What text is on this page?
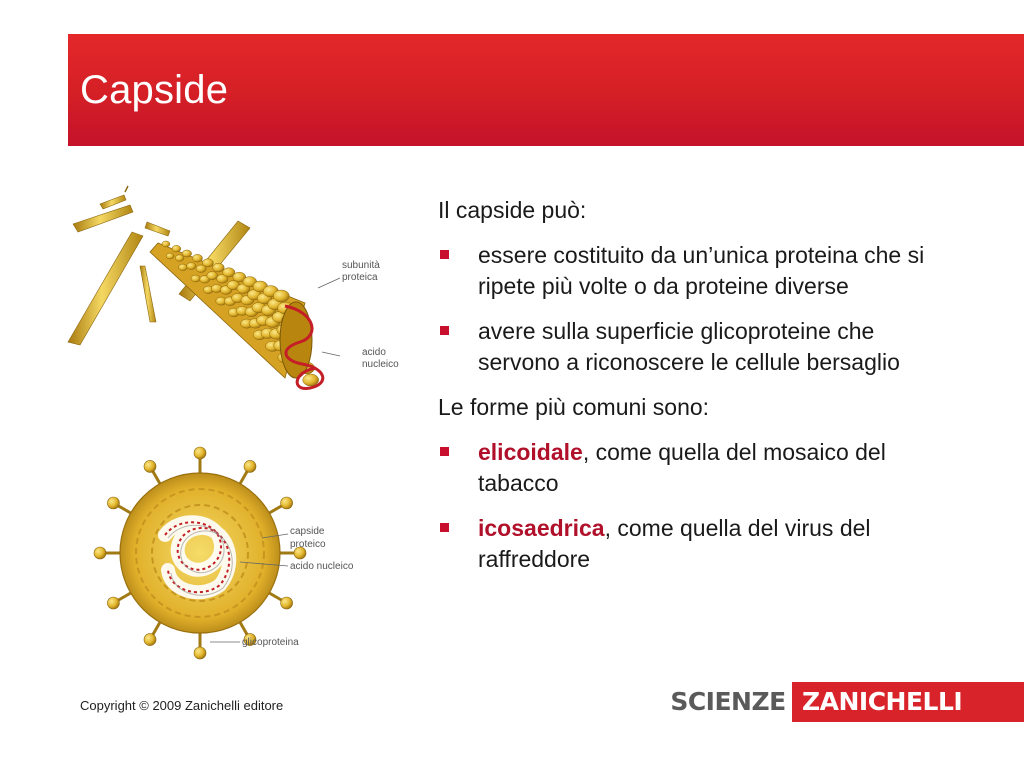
Capside
subunità
proteica
acido
nucleico
capside
proteico
acido nucleico
glicoproteina

Il capside può:

essere costituito da un’unica proteina che si ripete più volte o da proteine diverse
avere sulla superficie glicoproteine che servono a riconoscere le cellule bersaglio

Le forme più comuni sono:

elicoidale, come quella del mosaico del tabacco
icosaedrica, come quella del virus del raffreddore
Copyright © 2009 Zanichelli editore	SCIENZE ZANICHELLI
